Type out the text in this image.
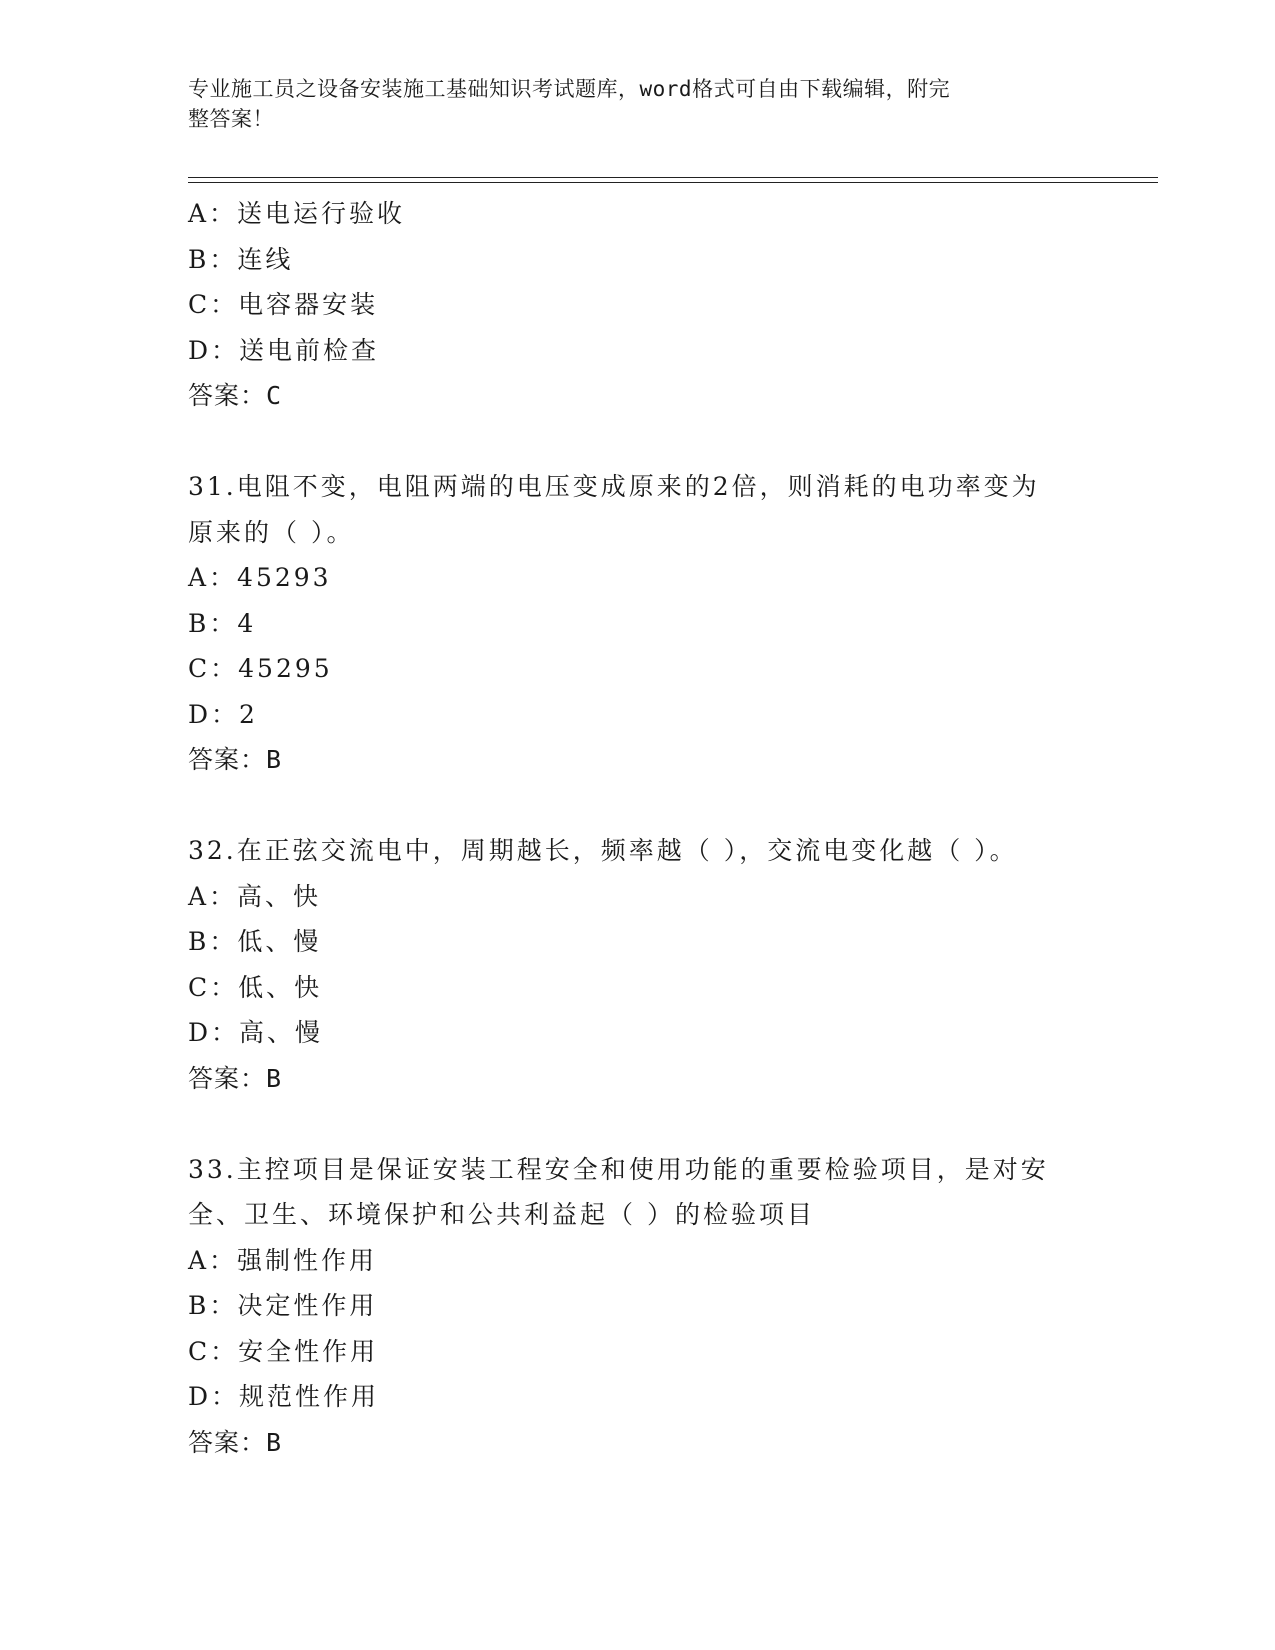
专业施工员之设备安装施工基础知识考试题库，word格式可自由下载编辑，附完
整答案！
A：送电运行验收
B：连线
C：电容器安装
D：送电前检查
答案：C
31.电阻不变，电阻两端的电压变成原来的2倍，则消耗的电功率变为
原来的（ ）。
A：45293
B：4
C：45295
D：2
答案：B
32.在正弦交流电中，周期越长，频率越（ ），交流电变化越（ ）。
A：高、快
B：低、慢
C：低、快
D：高、慢
答案：B
33.主控项目是保证安装工程安全和使用功能的重要检验项目，是对安
全、卫生、环境保护和公共利益起（ ）的检验项目
A：强制性作用
B：决定性作用
C：安全性作用
D：规范性作用
答案：B
